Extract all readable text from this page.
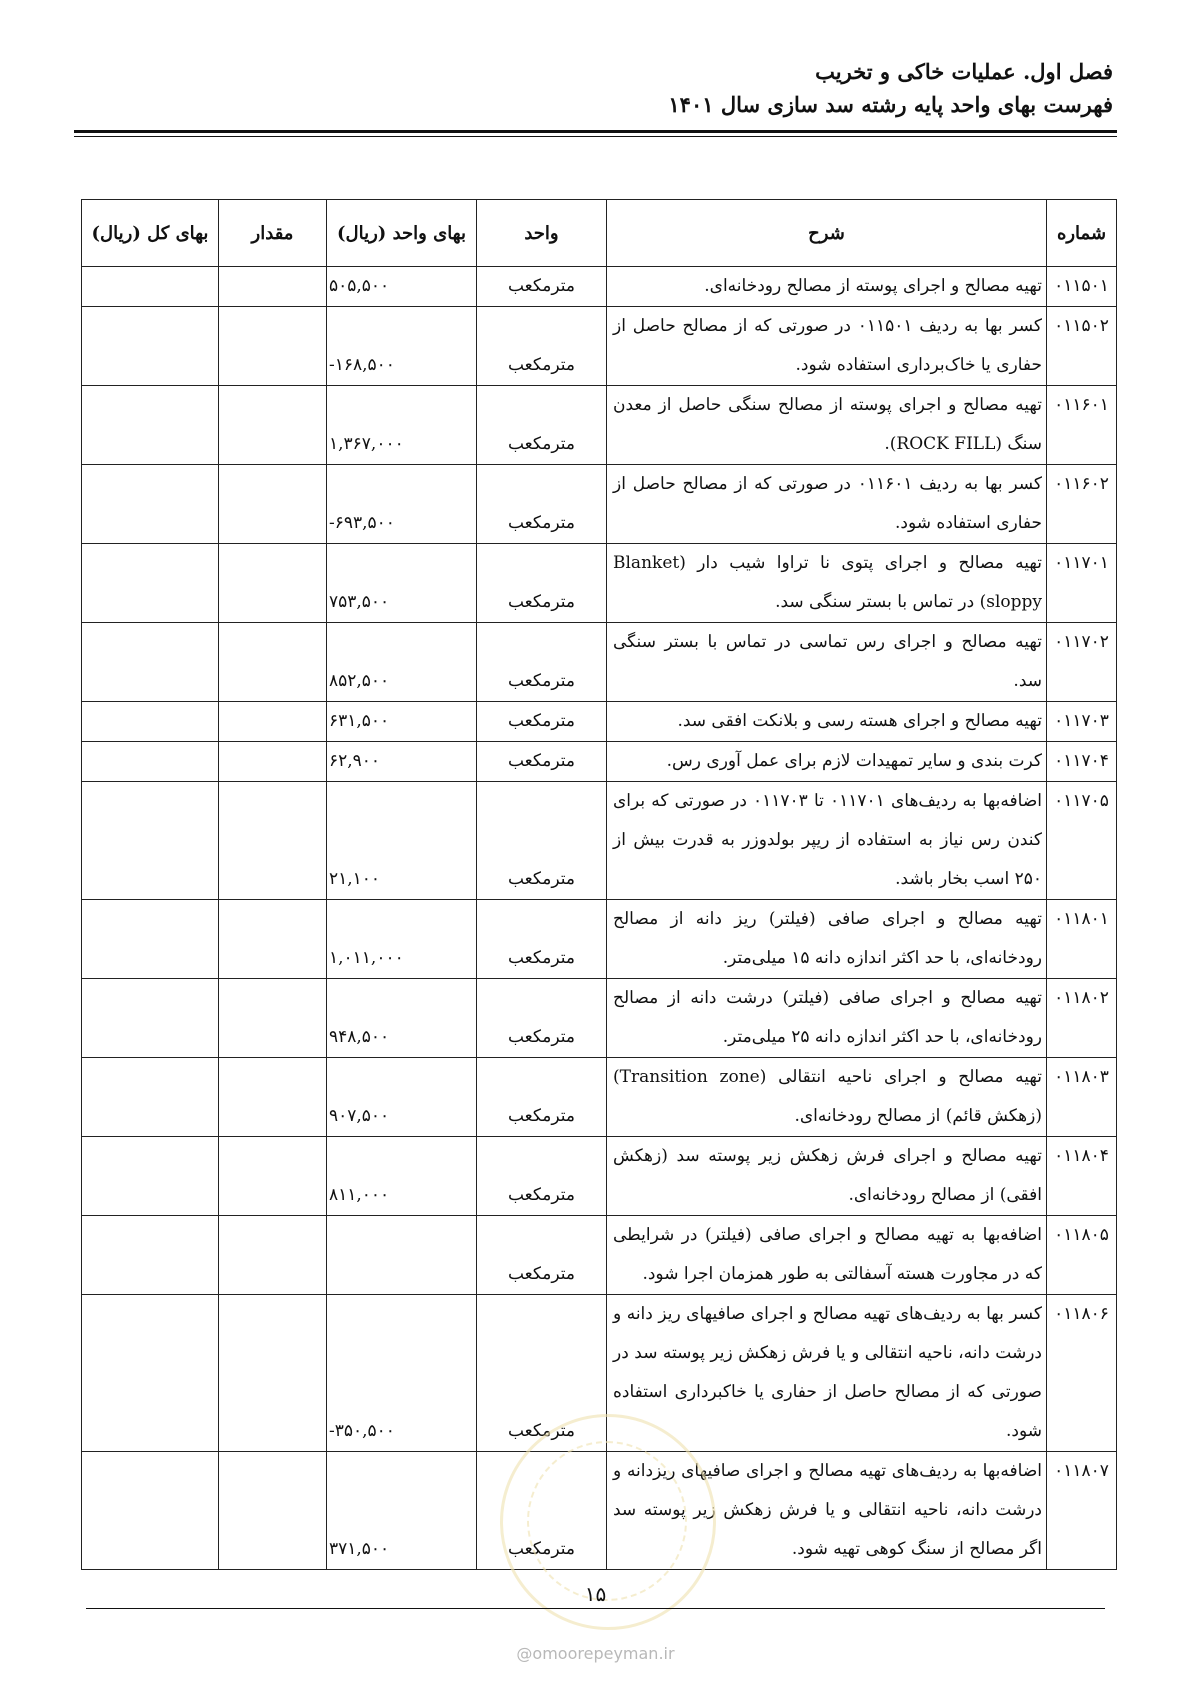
فصل اول. عملیات خاکی و تخریب
فهرست بهای واحد پایه رشته سد سازی سال ۱۴۰۱
شماره	شرح	واحد	بهای واحد (ریال)	مقدار	بهای کل (ریال)
۰۱۱۵۰۱	تهیه مصالح و اجرای پوسته از مصالح رودخانه‌ای.	مترمکعب	۵۰۵,۵۰۰		
۰۱۱۵۰۲	کسر بها به ردیف ۰۱۱۵۰۱ در صورتی که از مصالح حاصل از حفاری یا خاک‌برداری استفاده شود.	مترمکعب	-۱۶۸,۵۰۰		
۰۱۱۶۰۱	تهیه مصالح و اجرای پوسته از مصالح سنگی حاصل از معدن سنگ (ROCK FILL).	مترمکعب	۱,۳۶۷,۰۰۰		
۰۱۱۶۰۲	کسر بها به ردیف ۰۱۱۶۰۱ در صورتی که از مصالح حاصل از حفاری استفاده شود.	مترمکعب	-۶۹۳,۵۰۰		
۰۱۱۷۰۱	تهیه مصالح و اجرای پتوی نا تراوا شیب دار (Blanket sloppy) در تماس با بستر سنگی سد.	مترمکعب	۷۵۳,۵۰۰		
۰۱۱۷۰۲	تهیه مصالح و اجرای رس تماسی در تماس با بستر سنگی سد.	مترمکعب	۸۵۲,۵۰۰		
۰۱۱۷۰۳	تهیه مصالح و اجرای هسته رسی و بلانکت افقی سد.	مترمکعب	۶۳۱,۵۰۰		
۰۱۱۷۰۴	کرت بندی و سایر تمهیدات لازم برای عمل آوری رس.	مترمکعب	۶۲,۹۰۰		
۰۱۱۷۰۵	اضافه‌بها به ردیف‌های ۰۱۱۷۰۱ تا ۰۱۱۷۰۳ در صورتی که برای کندن رس نیاز به استفاده از ریپر بولدوزر به قدرت بیش از ۲۵۰ اسب بخار باشد.	مترمکعب	۲۱,۱۰۰		
۰۱۱۸۰۱	تهیه مصالح و اجرای صافی (فیلتر) ریز دانه از مصالح رودخانه‌ای، با حد اکثر اندازه دانه ۱۵ میلی‌متر.	مترمکعب	۱,۰۱۱,۰۰۰		
۰۱۱۸۰۲	تهیه مصالح و اجرای صافی (فیلتر) درشت دانه از مصالح رودخانه‌ای، با حد اکثر اندازه دانه ۲۵ میلی‌متر.	مترمکعب	۹۴۸,۵۰۰		
۰۱۱۸۰۳	تهیه مصالح و اجرای ناحیه انتقالی (Transition zone) (زهکش قائم) از مصالح رودخانه‌ای.	مترمکعب	۹۰۷,۵۰۰		
۰۱۱۸۰۴	تهیه مصالح و اجرای فرش زهکش زیر پوسته سد (زهکش افقی) از مصالح رودخانه‌ای.	مترمکعب	۸۱۱,۰۰۰		
۰۱۱۸۰۵	اضافه‌بها به تهیه مصالح و اجرای صافی (فیلتر) در شرایطی که در مجاورت هسته آسفالتی به طور همزمان اجرا شود.	مترمکعب			
۰۱۱۸۰۶	کسر بها به ردیف‌های تهیه مصالح و اجرای صافیهای ریز دانه و درشت دانه، ناحیه انتقالی و یا فرش زهکش زیر پوسته سد در صورتی که از مصالح حاصل از حفاری یا خاکبرداری استفاده شود.	مترمکعب	-۳۵۰,۵۰۰		
۰۱۱۸۰۷	اضافه‌بها به ردیف‌های تهیه مصالح و اجرای صافیهای ریزدانه و درشت دانه، ناحیه انتقالی و یا فرش زهکش زیر پوسته سد اگر مصالح از سنگ کوهی تهیه شود.	مترمکعب	۳۷۱,۵۰۰		
۱۵
@omoorepeyman.ir
